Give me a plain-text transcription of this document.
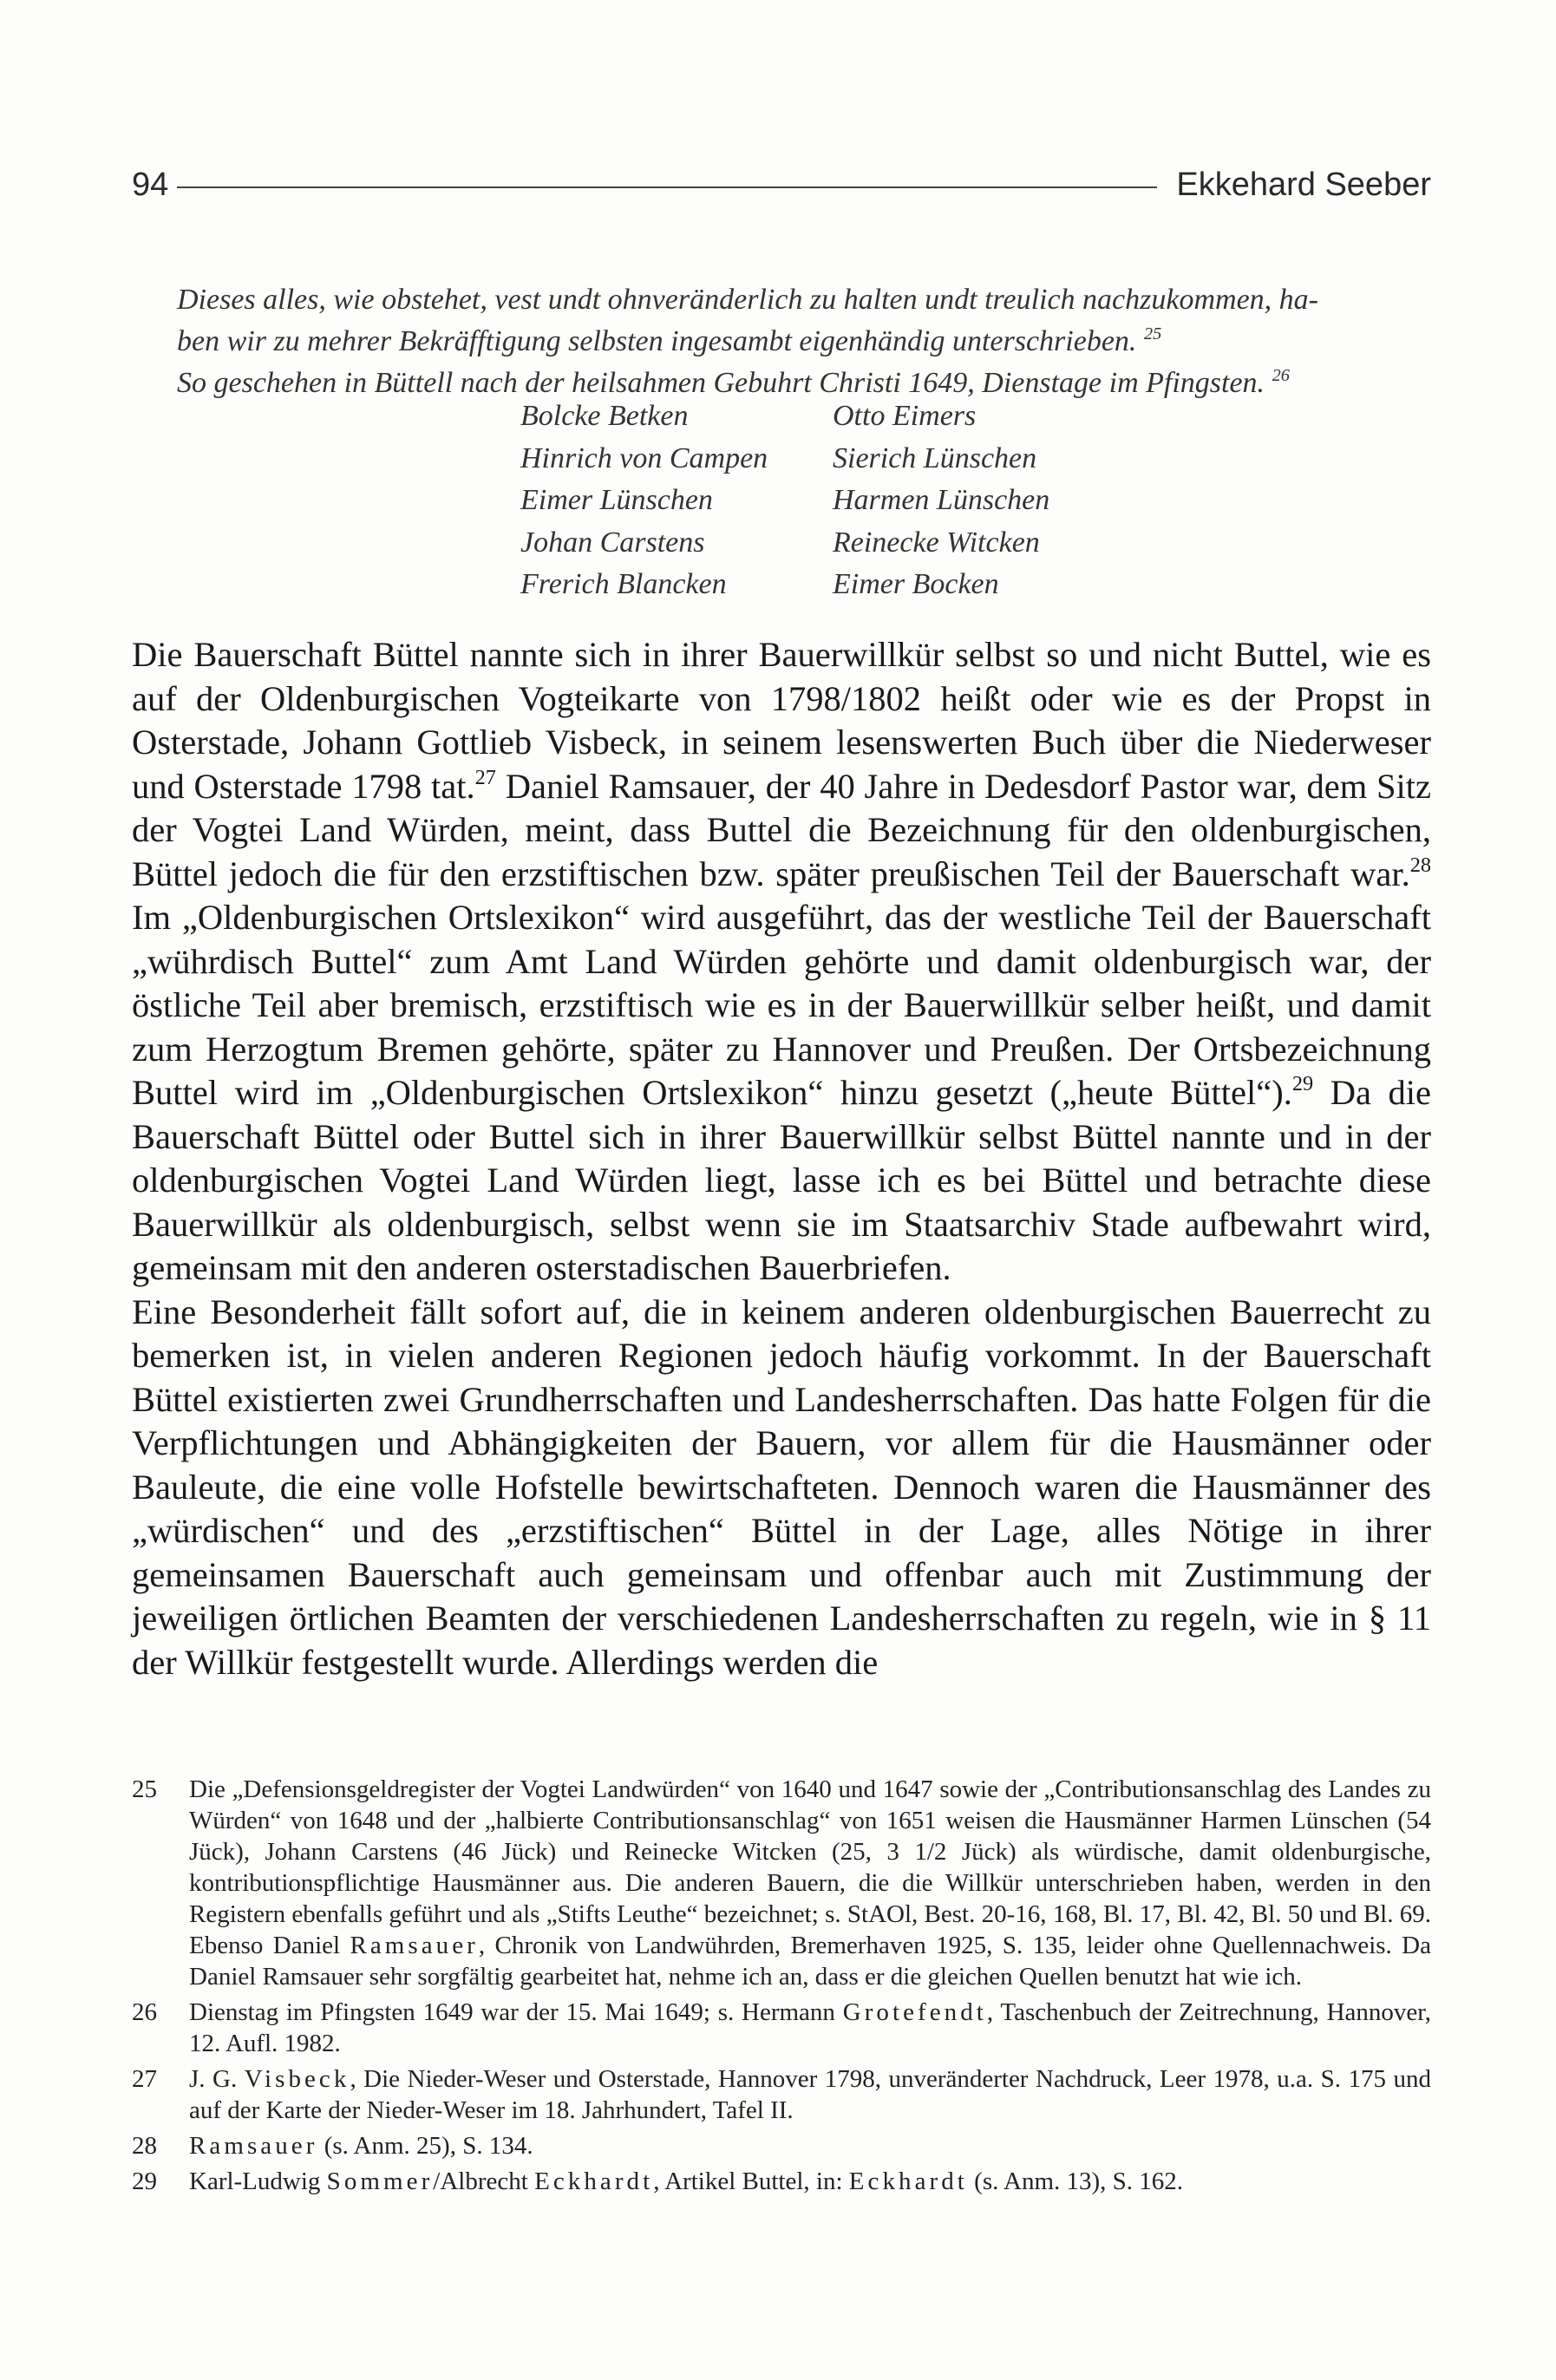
94	Ekkehard Seeber

Dieses alles, wie obstehet, vest undt ohnveränderlich zu halten undt treulich nachzukommen, ha-

ben wir zu mehrer Bekräfftigung selbsten ingesambt eigenhändig unterschrieben. $^{25}$

So geschehen in Büttell nach der heilsahmen Gebuhrt Christi 1649, Dienstage im Pfingsten. $^{26}$

Bolcke Betken	Otto Eimers
Hinrich von Campen	Sierich Lünschen
Eimer Lünschen	Harmen Lünschen
Johan Carstens	Reinecke Witcken
Frerich Blancken	Eimer Bocken

Die Bauerschaft Büttel nannte sich in ihrer Bauerwillkür selbst so und nicht Buttel, wie es auf der Oldenburgischen Vogteikarte von 1798/1802 heißt oder wie es der Propst in Osterstade, Johann Gottlieb Visbeck, in seinem lesenswerten Buch über die Niederweser und Osterstade 1798 tat.$^{27}$ Daniel Ramsauer, der 40 Jahre in Dedesdorf Pastor war, dem Sitz der Vogtei Land Würden, meint, dass Buttel die Bezeichnung für den oldenburgischen, Büttel jedoch die für den erzstiftischen bzw. später preußischen Teil der Bauerschaft war.$^{28}$ Im „Oldenburgischen Ortslexikon“ wird ausgeführt, das der westliche Teil der Bauerschaft „wührdisch Buttel“ zum Amt Land Würden gehörte und damit oldenburgisch war, der östliche Teil aber bremisch, erzstiftisch wie es in der Bauerwillkür selber heißt, und damit zum Herzogtum Bremen gehörte, später zu Hannover und Preußen. Der Ortsbezeichnung Buttel wird im „Oldenburgischen Ortslexikon“ hinzu gesetzt („heute Büttel“).$^{29}$ Da die Bauerschaft Büttel oder Buttel sich in ihrer Bauerwillkür selbst Büttel nannte und in der oldenburgischen Vogtei Land Würden liegt, lasse ich es bei Büttel und betrachte diese Bauerwillkür als oldenburgisch, selbst wenn sie im Staatsarchiv Stade aufbewahrt wird, gemeinsam mit den anderen osterstadischen Bauerbriefen.

Eine Besonderheit fällt sofort auf, die in keinem anderen oldenburgischen Bauerrecht zu bemerken ist, in vielen anderen Regionen jedoch häufig vorkommt. In der Bauerschaft Büttel existierten zwei Grundherrschaften und Landesherrschaften. Das hatte Folgen für die Verpflichtungen und Abhängigkeiten der Bauern, vor allem für die Hausmänner oder Bauleute, die eine volle Hofstelle bewirtschafteten. Dennoch waren die Hausmänner des „würdischen“ und des „erzstiftischen“ Büttel in der Lage, alles Nötige in ihrer gemeinsamen Bauerschaft auch gemeinsam und offenbar auch mit Zustimmung der jeweiligen örtlichen Beamten der verschiedenen Landesherrschaften zu regeln, wie in § 11 der Willkür festgestellt wurde. Allerdings werden die

25	Die „Defensionsgeldregister der Vogtei Landwürden“ von 1640 und 1647 sowie der „Contributionsanschlag des Landes zu Würden“ von 1648 und der „halbierte Contributionsanschlag“ von 1651 weisen die Hausmänner Harmen Lünschen (54 Jück), Johann Carstens (46 Jück) und Reinecke Witcken (25, 3 1/2 Jück) als würdische, damit oldenburgische, kontributionspflichtige Hausmänner aus. Die anderen Bauern, die die Willkür unterschrieben haben, werden in den Registern ebenfalls geführt und als „Stifts Leuthe“ bezeichnet; s. StAOl, Best. 20-16, 168, Bl. 17, Bl. 42, Bl. 50 und Bl. 69. Ebenso Daniel Ramsauer, Chronik von Landwührden, Bremerhaven 1925, S. 135, leider ohne Quellennachweis. Da Daniel Ramsauer sehr sorgfältig gearbeitet hat, nehme ich an, dass er die gleichen Quellen benutzt hat wie ich.
26	Dienstag im Pfingsten 1649 war der 15. Mai 1649; s. Hermann Grotefendt, Taschenbuch der Zeitrechnung, Hannover, 12. Aufl. 1982.
27	J. G. Visbeck, Die Nieder-Weser und Osterstade, Hannover 1798, unveränderter Nachdruck, Leer 1978, u.a. S. 175 und auf der Karte der Nieder-Weser im 18. Jahrhundert, Tafel II.
28	Ramsauer (s. Anm. 25), S. 134.
29	Karl-Ludwig Sommer/Albrecht Eckhardt, Artikel Buttel, in: Eckhardt (s. Anm. 13), S. 162.
